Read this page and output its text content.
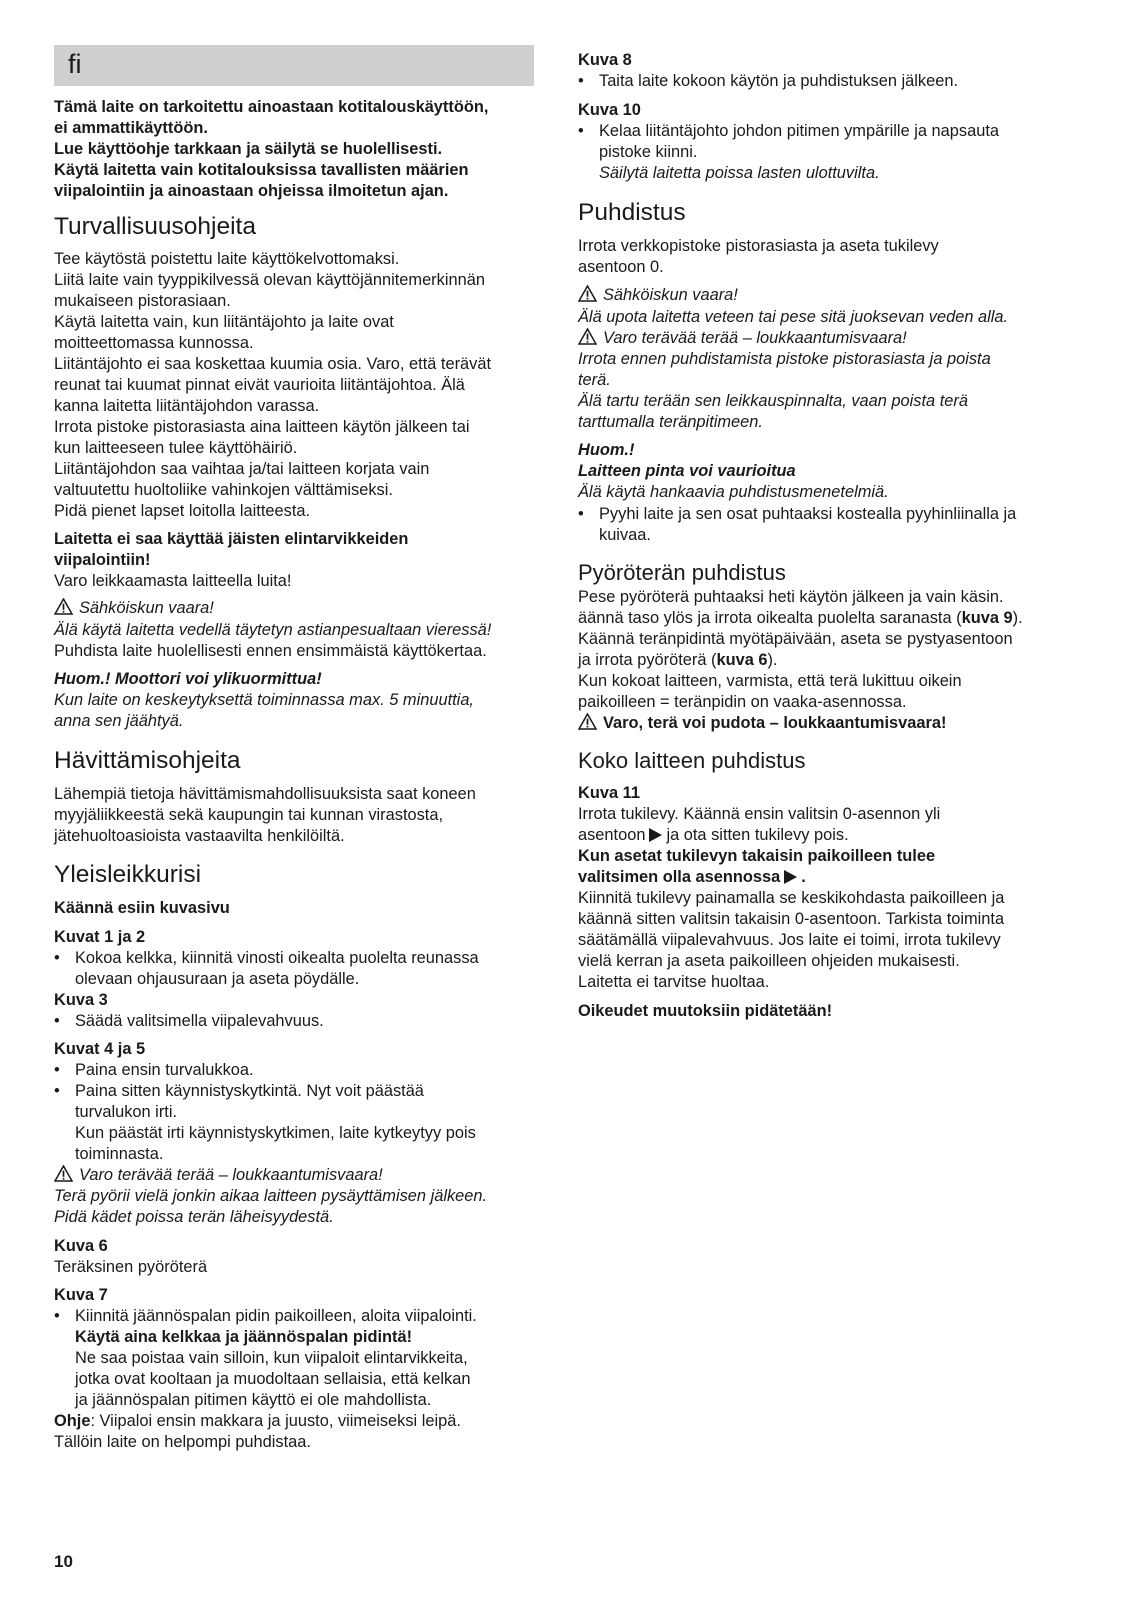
fi
Tämä laite on tarkoitettu ainoastaan kotitalouskäyttöön,
ei ammattikäyttöön.
Lue käyttöohje tarkkaan ja säilytä se huolellisesti.
Käytä laitetta vain kotitalouksissa tavallisten määrien
viipalointiin ja ainoastaan ohjeissa ilmoitetun ajan.
Turvallisuusohjeita
Tee käytöstä poistettu laite käyttökelvottomaksi.
Liitä laite vain tyyppikilvessä olevan käyttöjännitemerkinnän
mukaiseen pistorasiaan.
Käytä laitetta vain, kun liitäntäjohto ja laite ovat
moitteettomassa kunnossa.
Liitäntäjohto ei saa koskettaa kuumia osia. Varo, että terävät
reunat tai kuumat pinnat eivät vaurioita liitäntäjohtoa. Älä
kanna laitetta liitäntäjohdon varassa.
Irrota pistoke pistorasiasta aina laitteen käytön jälkeen tai
kun laitteeseen tulee käyttöhäiriö.
Liitäntäjohdon saa vaihtaa ja/tai laitteen korjata vain
valtuutettu huoltoliike vahinkojen välttämiseksi.
Pidä pienet lapset loitolla laitteesta.
Laitetta ei saa käyttää jäisten elintarvikkeiden
viipalointiin!
Varo leikkaamasta laitteella luita!
Sähköiskun vaara!
Älä käytä laitetta vedellä täytetyn astianpesualtaan vieressä!
Puhdista laite huolellisesti ennen ensimmäistä käyttökertaa.
Huom.! Moottori voi ylikuormittua!
Kun laite on keskeytyksettä toiminnassa max. 5 minuuttia,
anna sen jäähtyä.
Hävittämisohjeita
Lähempiä tietoja hävittämismahdollisuuksista saat koneen
myyjäliikkeestä sekä kaupungin tai kunnan virastosta,
jätehuoltoasioista vastaavilta henkilöiltä.
Yleisleikkurisi
Käännä esiin kuvasivu
Kuvat 1 ja 2
• Kokoa kelkka, kiinnitä vinosti oikealta puolelta reunassa
olevaan ohjausuraan ja aseta pöydälle.
Kuva 3
• Säädä valitsimella viipalevahvuus.
Kuvat 4 ja 5
• Paina ensin turvalukkoa.
• Paina sitten käynnistyskytkintä. Nyt voit päästää
turvalukon irti.
Kun päästät irti käynnistyskytkimen, laite kytkeytyy pois
toiminnasta.
Varo terävää terää – loukkaantumisvaara!
Terä pyörii vielä jonkin aikaa laitteen pysäyttämisen jälkeen.
Pidä kädet poissa terän läheisyydestä.
Kuva 6
Teräksinen pyöröterä
Kuva 7
• Kiinnitä jäännöspalan pidin paikoilleen, aloita viipalointi.
Käytä aina kelkkaa ja jäännöspalan pidintä!
Ne saa poistaa vain silloin, kun viipaloit elintarvikkeita,
jotka ovat kooltaan ja muodoltaan sellaisia, että kelkan
ja jäännöspalan pitimen käyttö ei ole mahdollista.
Ohje: Viipaloi ensin makkara ja juusto, viimeiseksi leipä.
Tällöin laite on helpompi puhdistaa.
Kuva 8
• Taita laite kokoon käytön ja puhdistuksen jälkeen.
Kuva 10
• Kelaa liitäntäjohto johdon pitimen ympärille ja napsauta
pistoke kiinni.
Säilytä laitetta poissa lasten ulottuvilta.
Puhdistus
Irrota verkkopistoke pistorasiasta ja aseta tukilevy
asentoon 0.
Sähköiskun vaara!
Älä upota laitetta veteen tai pese sitä juoksevan veden alla.
Varo terävää terää – loukkaantumisvaara!
Irrota ennen puhdistamista pistoke pistorasiasta ja poista
terä.
Älä tartu terään sen leikkauspinnalta, vaan poista terä
tarttumalla teränpitimeen.
Huom.!
Laitteen pinta voi vaurioitua
Älä käytä hankaavia puhdistusmenetelmiä.
• Pyyhi laite ja sen osat puhtaaksi kostealla pyyhinliinalla ja
kuivaa.
Pyöröterän puhdistus
Pese pyöröterä puhtaaksi heti käytön jälkeen ja vain käsin.
äännä taso ylös ja irrota oikealta puolelta saranasta (kuva 9).
Käännä teränpidintä myötäpäivään, aseta se pystyasentoon
ja irrota pyöröterä (kuva 6).
Kun kokoat laitteen, varmista, että terä lukittuu oikein
paikoilleen = teränpidin on vaaka-asennossa.
Varo, terä voi pudota – loukkaantumisvaara!
Koko laitteen puhdistus
Kuva 11
Irrota tukilevy. Käännä ensin valitsin 0-asennon yli
asentoon ja ota sitten tukilevy pois.
Kun asetat tukilevyn takaisin paikoilleen tulee
valitsimen olla asennossa .
Kiinnitä tukilevy painamalla se keskikohdasta paikoilleen ja
käännä sitten valitsin takaisin 0-asentoon. Tarkista toiminta
säätämällä viipalevahvuus. Jos laite ei toimi, irrota tukilevy
vielä kerran ja aseta paikoilleen ohjeiden mukaisesti.
Laitetta ei tarvitse huoltaa.
Oikeudet muutoksiin pidätetään!
10
